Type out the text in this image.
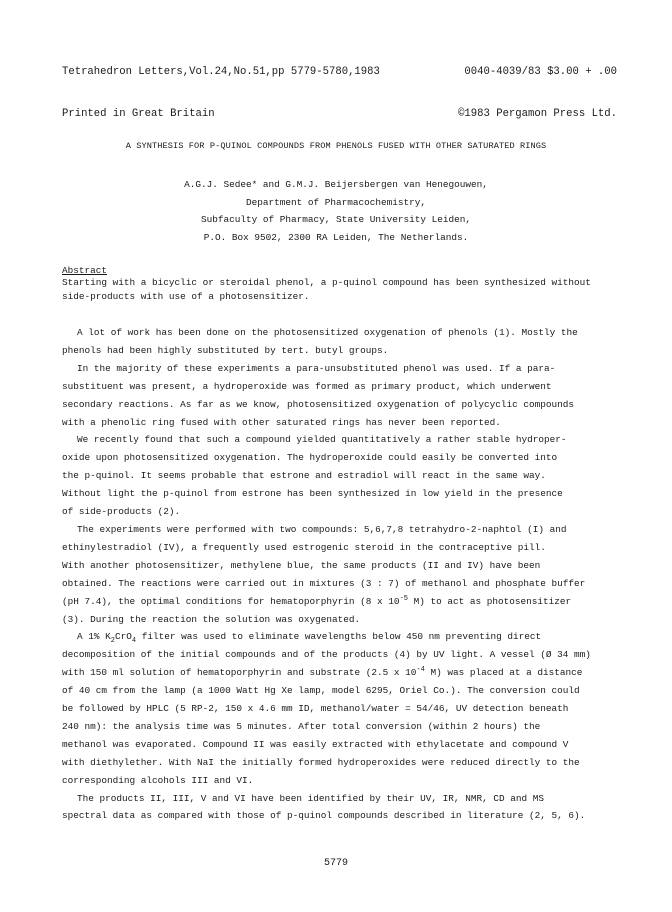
Tetrahedron Letters,Vol.24,No.51,pp 5779-5780,1983

Printed in Great Britain

0040-4039/83 $3.00 + .00

©1983 Pergamon Press Ltd.

A SYNTHESIS FOR P-QUINOL COMPOUNDS FROM PHENOLS FUSED WITH OTHER SATURATED RINGS
A.G.J. Sedee* and G.M.J. Beijersbergen van Henegouwen,
Department of Pharmacochemistry,
Subfaculty of Pharmacy, State University Leiden,
P.O. Box 9502, 2300 RA Leiden, The Netherlands.
Abstract
Starting with a bicyclic or steroidal phenol, a p-quinol compound has been synthesized without
side-products with use of a photosensitizer.
A lot of work has been done on the photosensitized oxygenation of phenols (1). Mostly the
phenols had been highly substituted by tert. butyl groups.
In the majority of these experiments a para-unsubstituted phenol was used. If a para-
substituent was present, a hydroperoxide was formed as primary product, which underwent
secondary reactions. As far as we know, photosensitized oxygenation of polycyclic compounds
with a phenolic ring fused with other saturated rings has never been reported.
We recently found that such a compound yielded quantitatively a rather stable hydroper-
oxide upon photosensitized oxygenation. The hydroperoxide could easily be converted into
the p-quinol. It seems probable that estrone and estradiol will react in the same way.
Without light the p-quinol from estrone has been synthesized in low yield in the presence
of side-products (2).
The experiments were performed with two compounds: 5,6,7,8 tetrahydro-2-naphtol (I) and
ethinylestradiol (IV), a frequently used estrogenic steroid in the contraceptive pill.
With another photosensitizer, methylene blue, the same products (II and IV) have been
obtained. The reactions were carried out in mixtures (3 : 7) of methanol and phosphate buffer
(pH 7.4), the optimal conditions for hematoporphyrin (8 x $10^{-5}$ M) to act as photosensitizer
(3). During the reaction the solution was oxygenated.
A 1% $K_2CrO_4$ filter was used to eliminate wavelengths below 450 nm preventing direct
decomposition of the initial compounds and of the products (4) by UV light. A vessel (Ø 34 mm)
with 150 ml solution of hematoporphyrin and substrate (2.5 x $10^{-4}$ M) was placed at a distance
of 40 cm from the lamp (a 1000 Watt Hg Xe lamp, model 6295, Oriel Co.). The conversion could
be followed by HPLC (5 RP-2, 150 x 4.6 mm ID, methanol/water = 54/46, UV detection beneath
240 nm): the analysis time was 5 minutes. After total conversion (within 2 hours) the
methanol was evaporated. Compound II was easily extracted with ethylacetate and compound V
with diethylether. With NaI the initially formed hydroperoxides were reduced directly to the
corresponding alcohols III and VI.
The products II, III, V and VI have been identified by their UV, IR, NMR, CD and MS
spectral data as compared with those of p-quinol compounds described in literature (2, 5, 6).
5779
